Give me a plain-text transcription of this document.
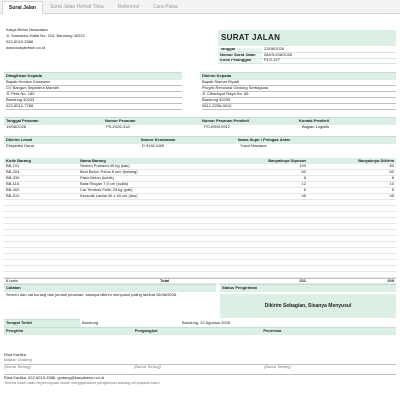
Surat Jalan	Surat Jalan Hemat Tinta	Referensi	Cara Pakai
Karya Beton Nusantara
Jl. Soekarno-Hatta No. 210, Bandung 40222
022-6015-3388
www.karyabeton.co.id
SURAT JALAN
Tanggal	22/08/2026
Nomor Surat Jalan	084/SJ/08/2026
Kode Pelanggan	PLG-127
Ditagihkan Kepada
Bapak Hendra Gunawan
CV Bangun Sejahtera Mandiri
Jl. Peta No. 185
Bandung 40233
022-6012-7788
Dikirim Kepada
Bapak Slamet Riyadi
Proyek Renovasi Gedung Serbaguna
Jl. Cibaduyut Raya No. 88
Bandung 40239
0812-2258-9010
Tanggal Pesanan	Nomor Pesanan	Nomor Pesanan Pembeli	Kontak Pembeli
19/08/2026	PS-2026-318	PO-BSM-0912	Bagian Logistik
Dikirim Lewat	Nomor Kendaraan	Nama Supir / Petugas Antar
Ekspedisi Darat	D 9182 KAB	Yusuf Maulana
Kode Barang	Nama Barang	Banyaknya Dipesan	Banyaknya Dikirim
BB-101	Semen Portland 40 kg (sak)	100	80
BB-204	Besi Beton Polos 8 mm (batang)	60	60
BB-330	Pasir Beton (kubik)	8	8
BB-116	Bata Ringan 7,5 cm (kubik)	12	10
BB-402	Cat Tembok Putih 25 kg (pail)	6	6
BB-510	Keramik Lantai 40 x 40 cm (dus)	45	45
6 baris	Total	231	209
Catatan
Semen dan cat kurang dari jumlah pesanan, sisanya dikirim menyusul paling lambat 26/08/2026.
Status Pengiriman
Dikirim Sebagian, Sisanya Menyusul
Tempat Terbit	Bandung	Bandung, 22 Agustus 2026
Pengirim	Pengangkut	Penerima
Rina Kartika
Bagian Gudang
(Nama Terang)	(Nama Terang)	(Nama Terang)
Rina Kartika, 022-6015-3388, gudang@karyabeton.co.id
Terima kasih atas kepercayaan Anda menggunakan pengiriman barang ini kepada kami.
